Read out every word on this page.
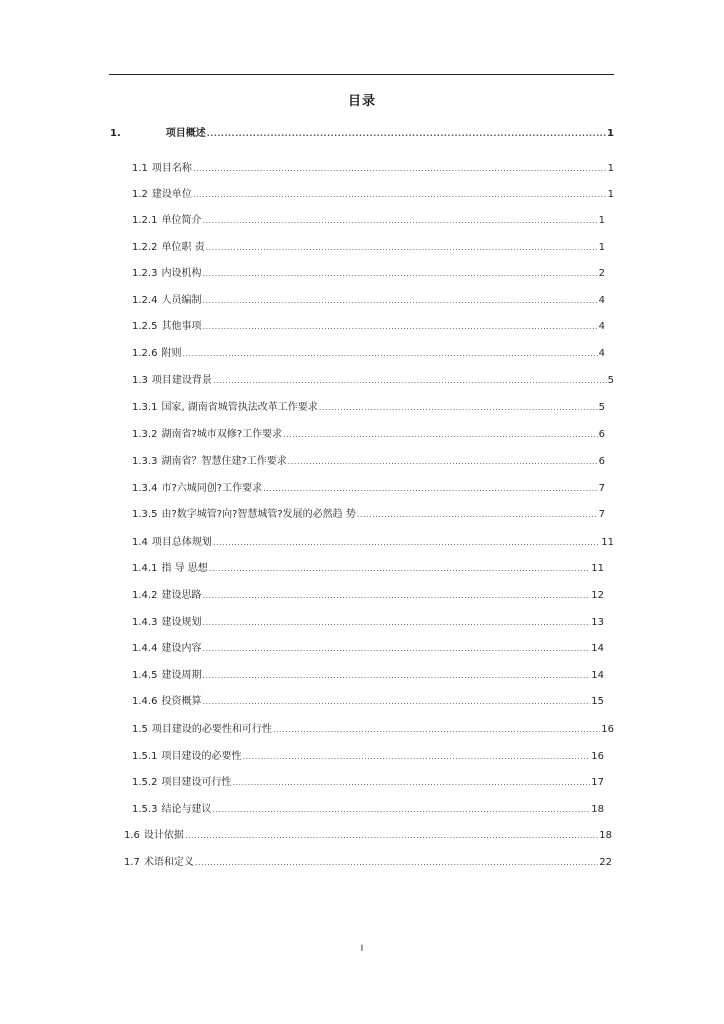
目录
1.	项目概述 .....	1
1.1 项目名称 .....	1
1.2 建设单位 .....	1
1.2.1 单位简介 .....	1
1.2.2 单位职 责 .....	1
1.2.3 内设机构 .....	2
1.2.4 人员编制 .....	4
1.2.5 其他事项 .....	4
1.2.6 附则 .....	4
1.3 项目建设背景 .....	5
1.3.1 国家, 湖南省城管执法改革工作要求 .....	5
1.3.2 湖南省?城市双修?工作要求 .....	6
1.3.3 湖南省？智慧住建?工作要求 .....	6
1.3.4 市?六城同创?工作要求 .....	7
1.3.5 由?数字城管?向?智慧城管?发展的必然趋 势 .....	7
1.4 项目总体规划 .....	11
1.4.1 指 导 思想 .....	11
1.4.2 建设思路 .....	12
1.4.3 建设规划 .....	13
1.4.4 建设内容 .....	14
1.4.5 建设周期 .....	14
1.4.6 投资概算 .....	15
1.5 项目建设的必要性和可行性 .....	16
1.5.1 项目建设的必要性 .....	16
1.5.2 项目建设可行性 .....	17
1.5.3 结论与建议 .....	18
1.6 设计依据 .....	18
1.7 术语和定义 .....	22
I
